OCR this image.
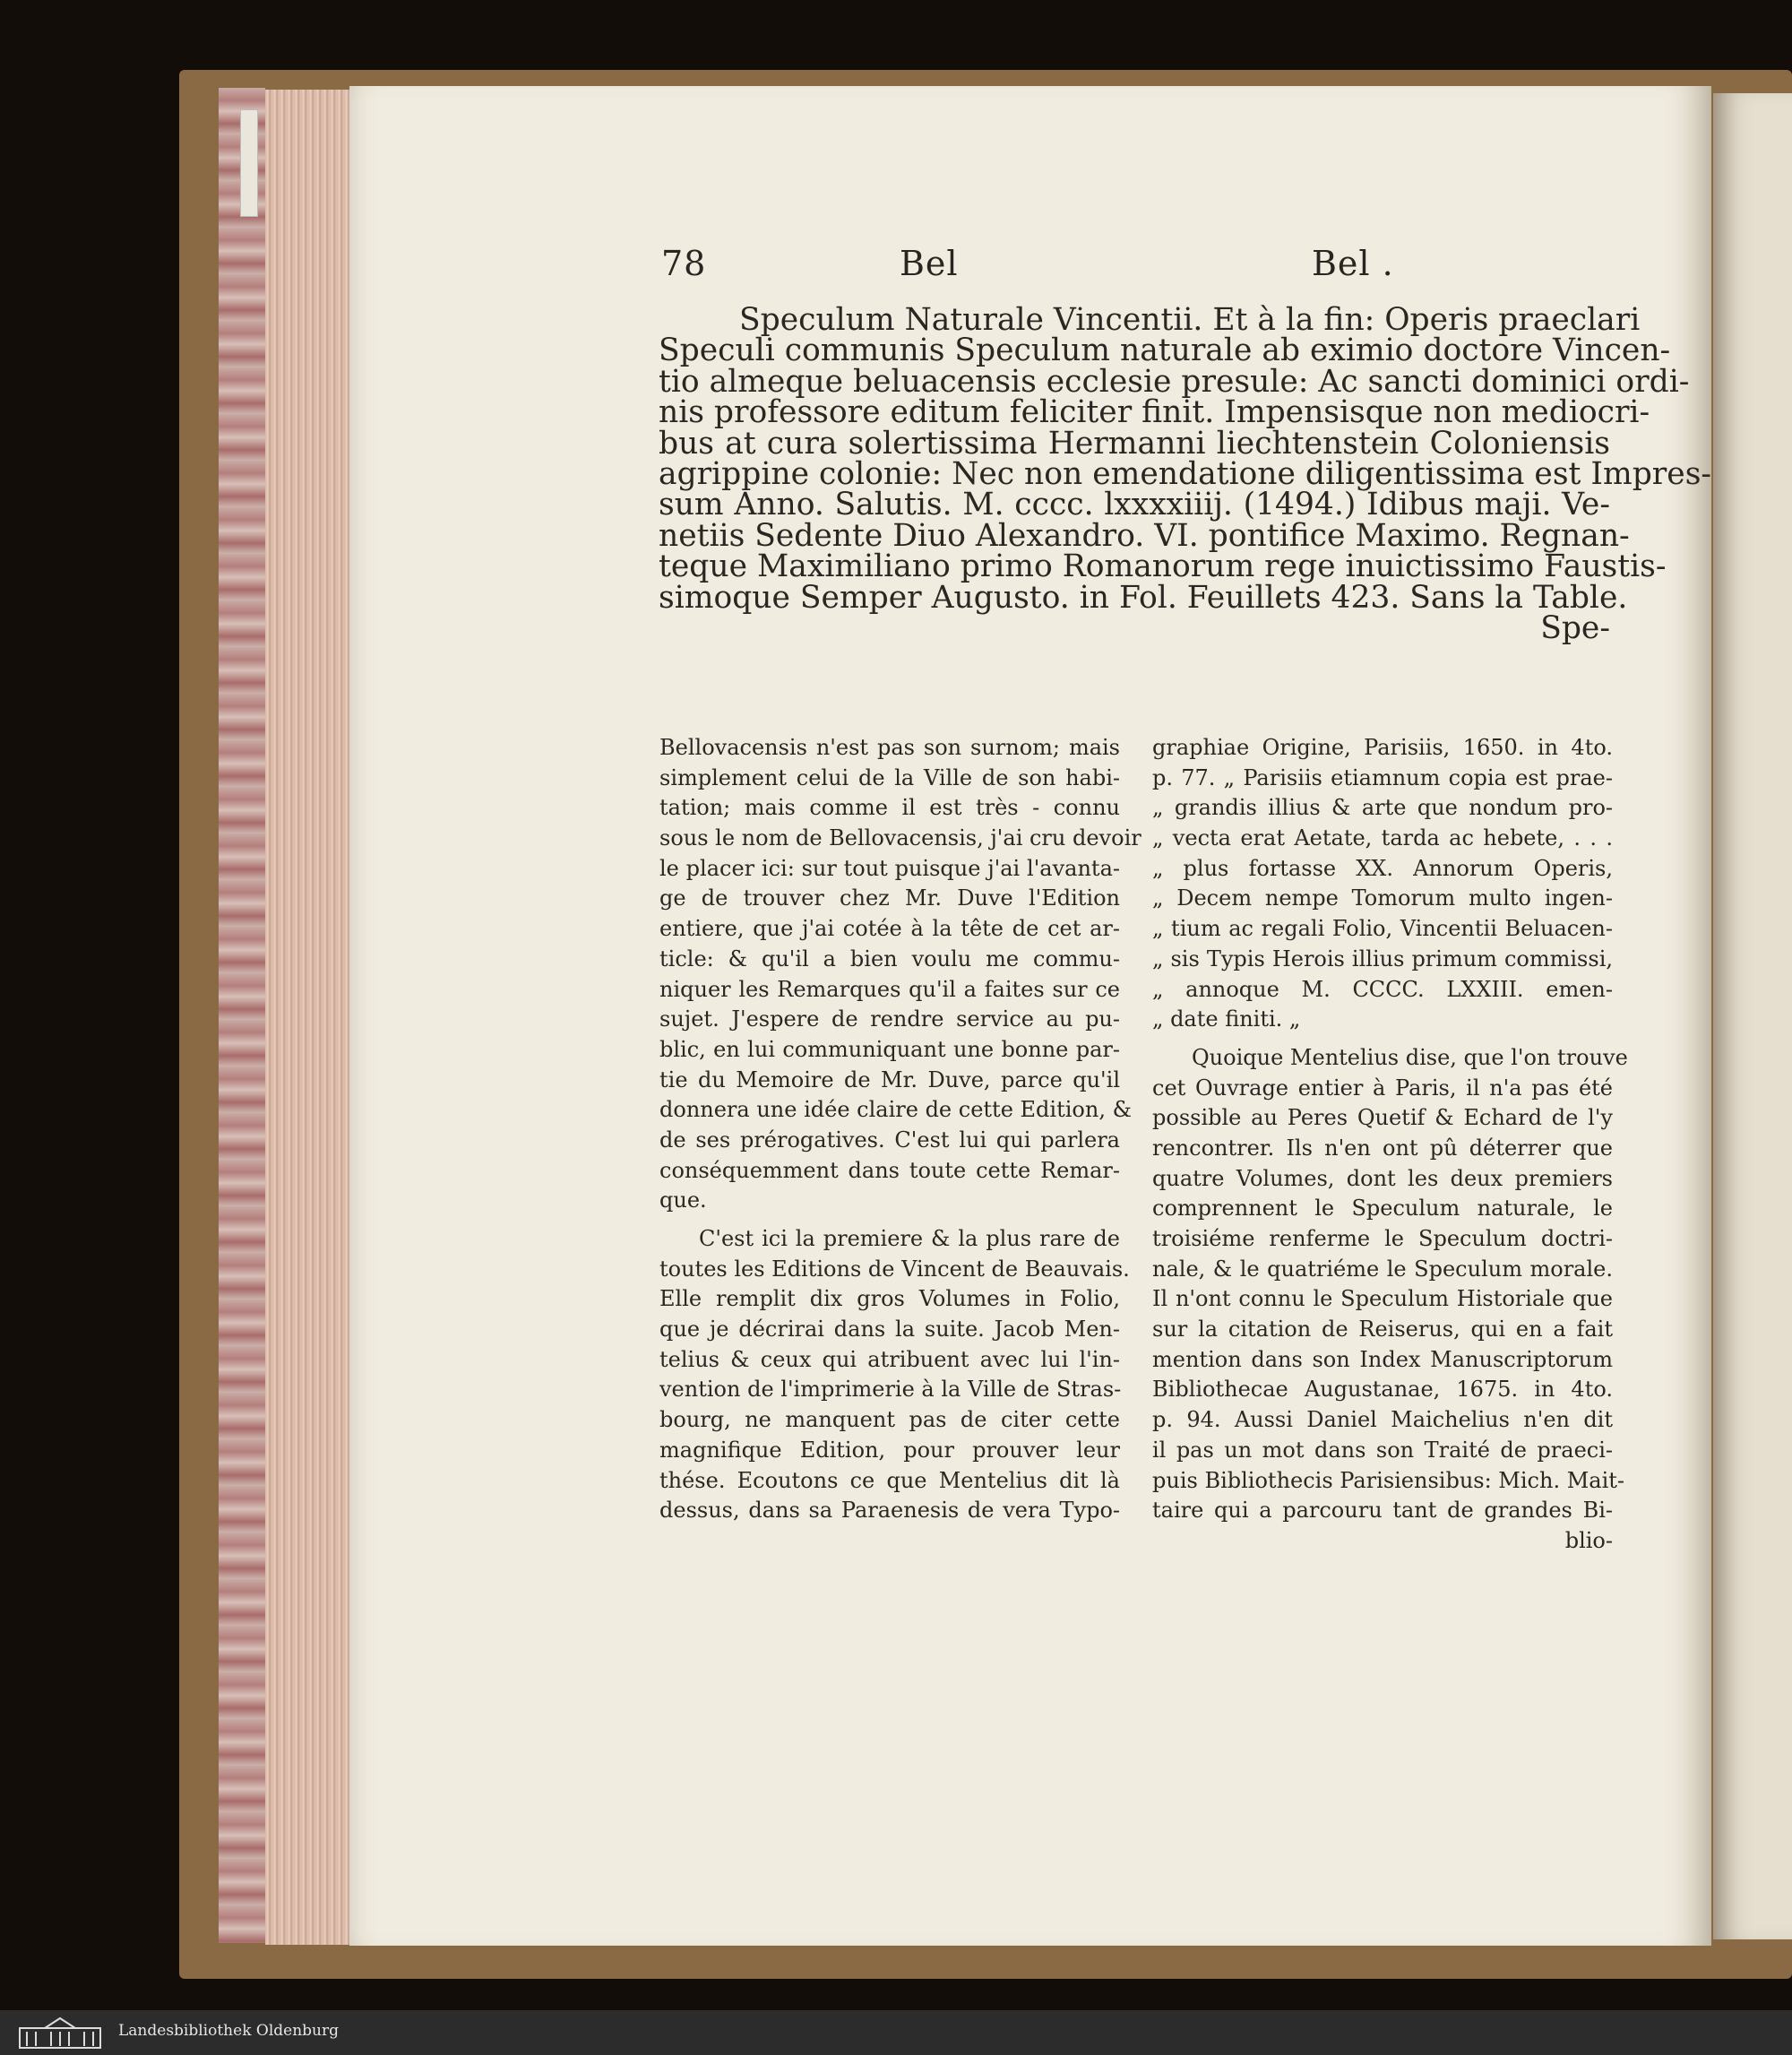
78	Bel	Bel .
Speculum Naturale Vincentii. Et à la fin: Operis praeclari
Speculi communis Speculum naturale ab eximio doctore Vincen-
tio almeque beluacensis ecclesie presule: Ac sancti dominici ordi-
nis professore editum feliciter finit. Impensisque non mediocri-
bus at cura solertissima Hermanni liechtenstein Coloniensis
agrippine colonie: Nec non emendatione diligentissima est Impres-
sum Anno. Salutis. M. cccc. lxxxxiiij. (1494.) Idibus maji. Ve-
netiis Sedente Diuo Alexandro. VI. pontifice Maximo. Regnan-
teque Maximiliano primo Romanorum rege inuictissimo Faustis-
simoque Semper Augusto. in Fol. Feuillets 423. Sans la Table.
Spe-
Bellovacensis n'est pas son surnom; mais
simplement celui de la Ville de son habi-
tation; mais comme il est très - connu
sous le nom de Bellovacensis, j'ai cru devoir
le placer ici: sur tout puisque j'ai l'avanta-
ge de trouver chez Mr. Duve l'Edition
entiere, que j'ai cotée à la tête de cet ar-
ticle: & qu'il a bien voulu me commu-
niquer les Remarques qu'il a faites sur ce
sujet. J'espere de rendre service au pu-
blic, en lui communiquant une bonne par-
tie du Memoire de Mr. Duve, parce qu'il
donnera une idée claire de cette Edition, &
de ses prérogatives. C'est lui qui parlera
conséquemment dans toute cette Remar-
que.
C'est ici la premiere & la plus rare de
toutes les Editions de Vincent de Beauvais.
Elle remplit dix gros Volumes in Folio,
que je décrirai dans la suite. Jacob Men-
telius & ceux qui atribuent avec lui l'in-
vention de l'imprimerie à la Ville de Stras-
bourg, ne manquent pas de citer cette
magnifique Edition, pour prouver leur
thése. Ecoutons ce que Mentelius dit là
dessus, dans sa Paraenesis de vera Typo-
graphiae Origine, Parisiis, 1650. in 4to.
p. 77. „ Parisiis etiamnum copia est prae-
„ grandis illius & arte que nondum pro-
„ vecta erat Aetate, tarda ac hebete, . . .
„ plus fortasse XX. Annorum Operis,
„ Decem nempe Tomorum multo ingen-
„ tium ac regali Folio, Vincentii Beluacen-
„ sis Typis Herois illius primum commissi,
„ annoque M. CCCC. LXXIII. emen-
„ date finiti. „
Quoique Mentelius dise, que l'on trouve
cet Ouvrage entier à Paris, il n'a pas été
possible au Peres Quetif & Echard de l'y
rencontrer. Ils n'en ont pû déterrer que
quatre Volumes, dont les deux premiers
comprennent le Speculum naturale, le
troisiéme renferme le Speculum doctri-
nale, & le quatriéme le Speculum morale.
Il n'ont connu le Speculum Historiale que
sur la citation de Reiserus, qui en a fait
mention dans son Index Manuscriptorum
Bibliothecae Augustanae, 1675. in 4to.
p. 94. Aussi Daniel Maichelius n'en dit
il pas un mot dans son Traité de praeci-
puis Bibliothecis Parisiensibus: Mich. Mait-
taire qui a parcouru tant de grandes Bi-
blio-
Landesbibliothek Oldenburg
